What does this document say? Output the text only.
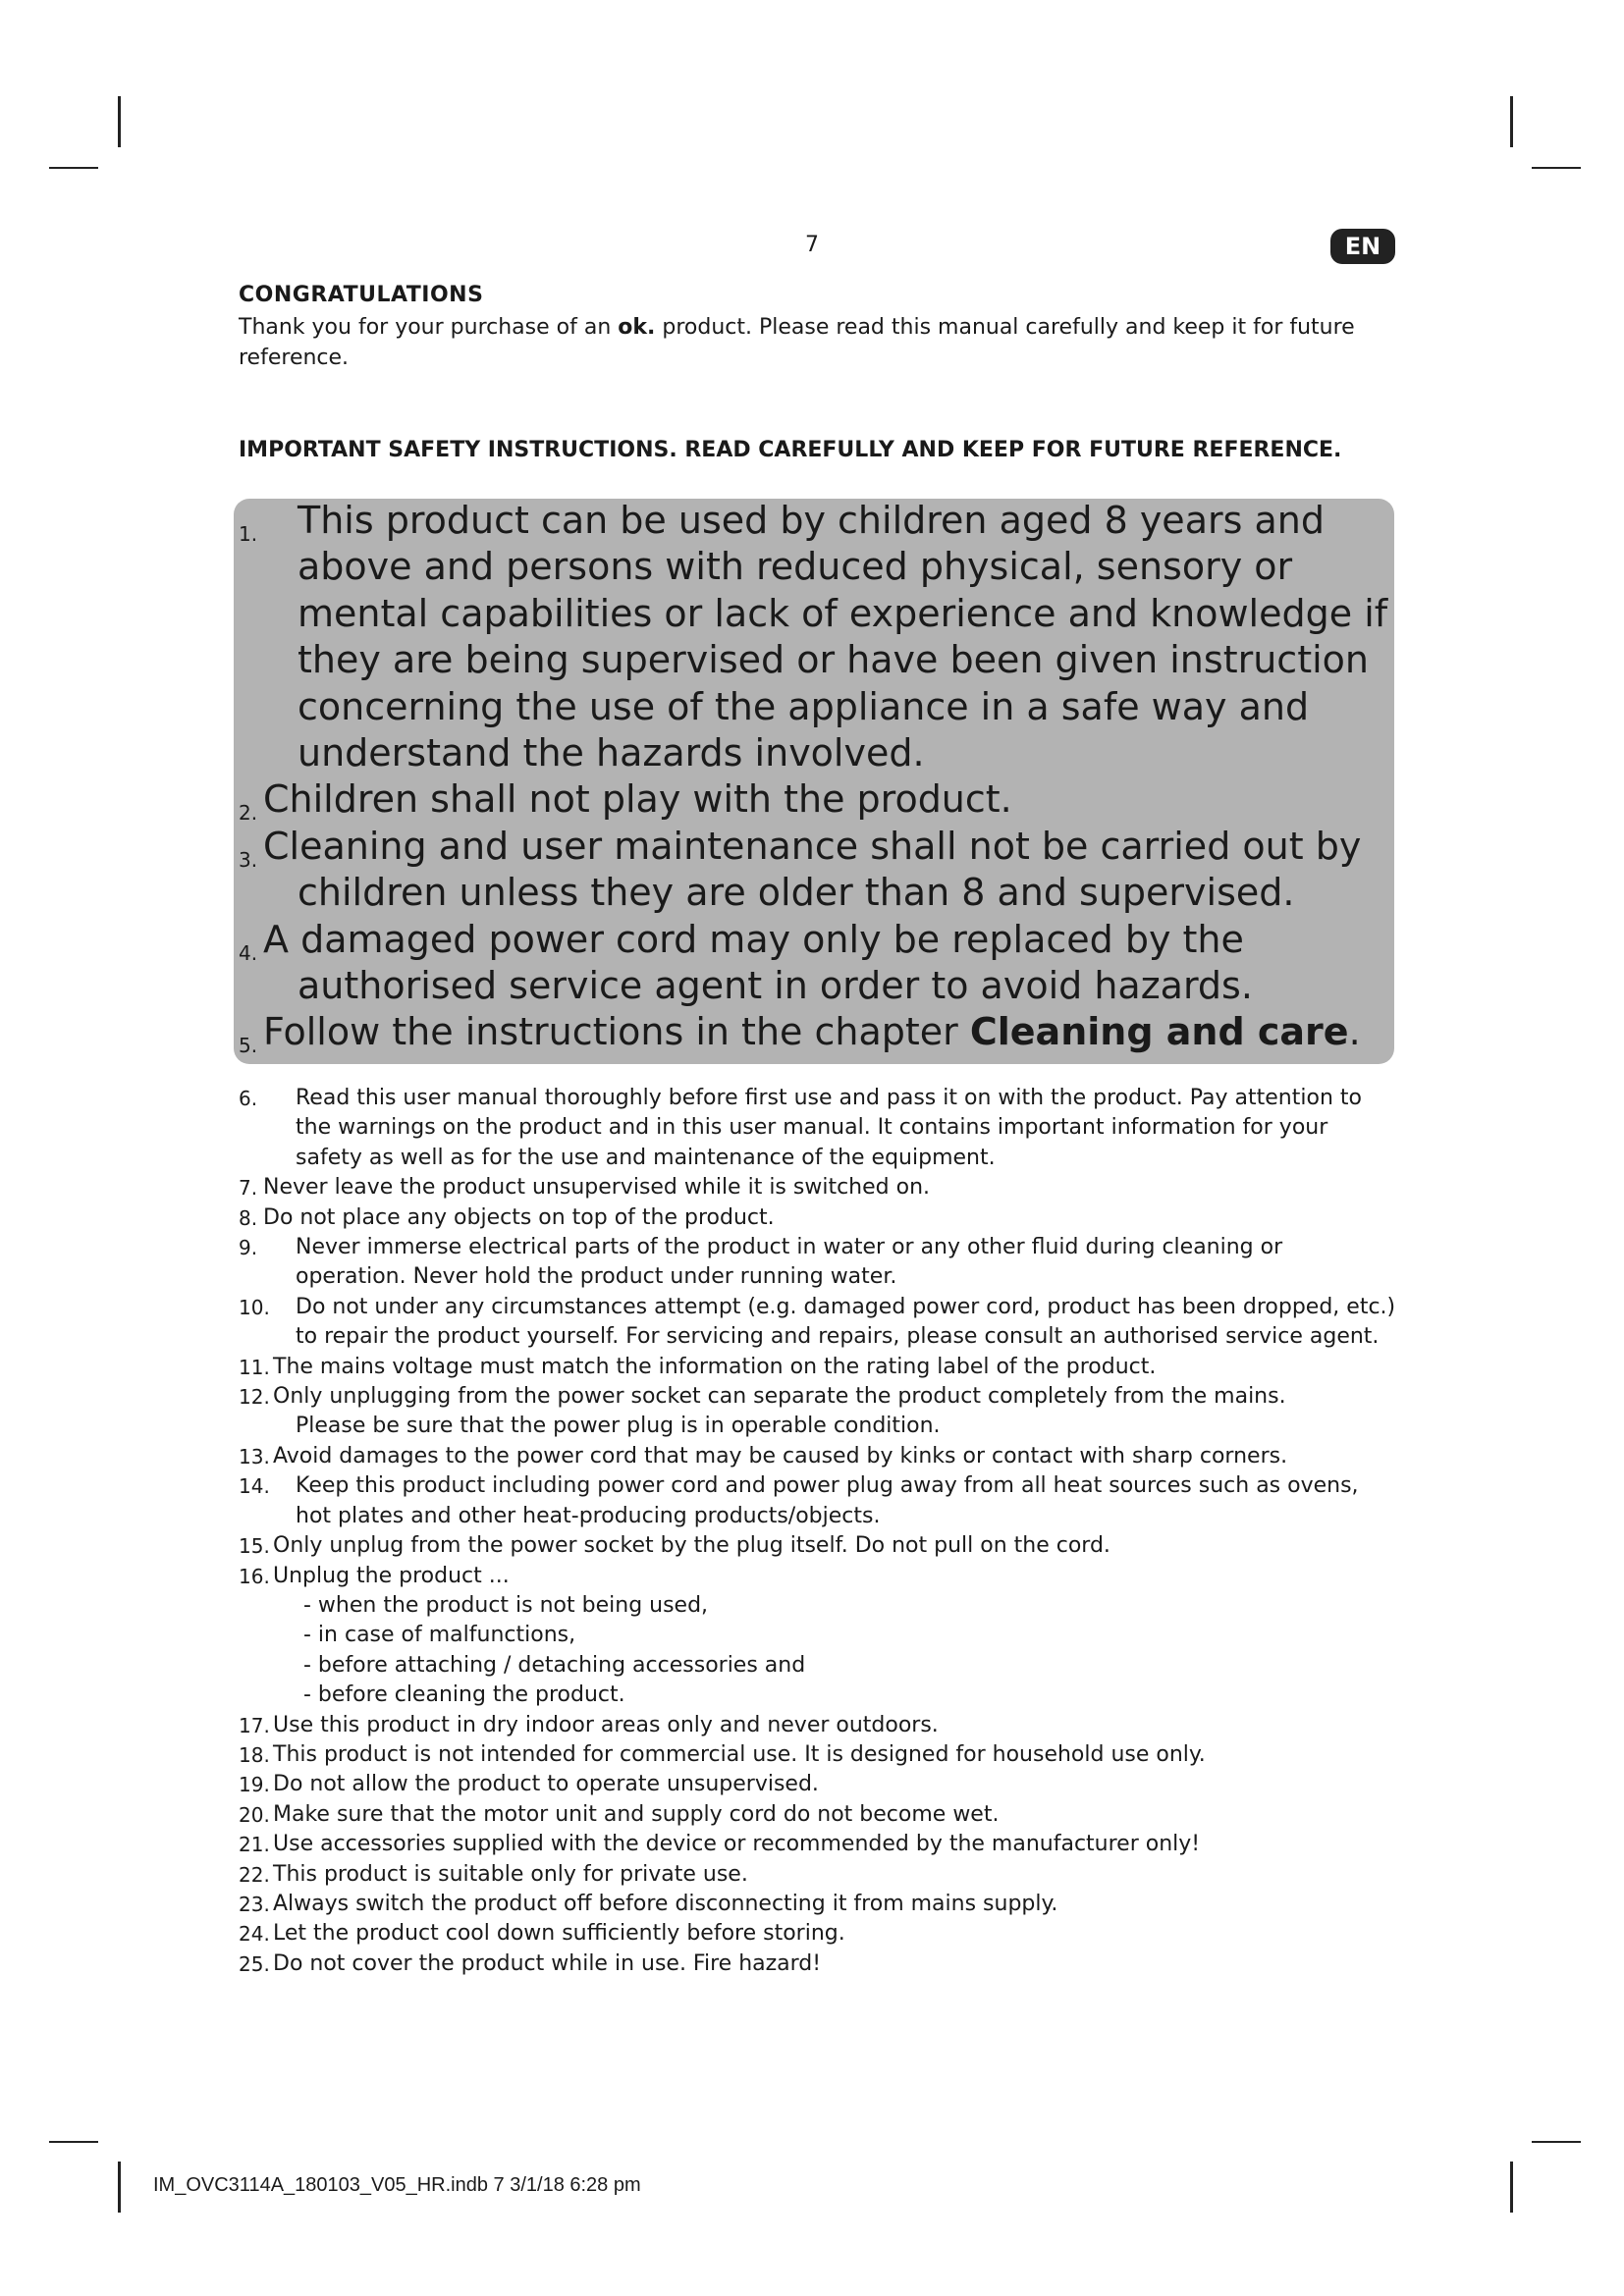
7	EN
CONGRATULATIONS
Thank you for your purchase of an ok. product. Please read this manual carefully and keep it for future reference.
IMPORTANT SAFETY INSTRUCTIONS. READ CAREFULLY AND KEEP FOR FUTURE REFERENCE.
1.	This product can be used by children aged 8 years and above and persons with reduced physical, sensory or mental capabilities or lack of experience and knowledge if they are being supervised or have been given instruction concerning the use of the appliance in a safe way and understand the hazards involved.
2. Children shall not play with the product.
3. Cleaning and user maintenance shall not be carried out by
children unless they are older than 8 and supervised.
4. A damaged power cord may only be replaced by the
authorised service agent in order to avoid hazards.
5. Follow the instructions in the chapter Cleaning and care.
6.	Read this user manual thoroughly before first use and pass it on with the product. Pay attention to the warnings on the product and in this user manual. It contains important information for your safety as well as for the use and maintenance of the equipment.
7. Never leave the product unsupervised while it is switched on.
8. Do not place any objects on top of the product.
9.	Never immerse electrical parts of the product in water or any other fluid during cleaning or operation. Never hold the product under running water.
10.	Do not under any circumstances attempt (e.g. damaged power cord, product has been dropped, etc.) to repair the product yourself. For servicing and repairs, please consult an authorised service agent.
11. The mains voltage must match the information on the rating label of the product.
12. Only unplugging from the power socket can separate the product completely from the mains.
Please be sure that the power plug is in operable condition.
13. Avoid damages to the power cord that may be caused by kinks or contact with sharp corners.
14.	Keep this product including power cord and power plug away from all heat sources such as ovens, hot plates and other heat-producing products/objects.
15. Only unplug from the power socket by the plug itself. Do not pull on the cord.
16. Unplug the product ...
- when the product is not being used,
- in case of malfunctions,
- before attaching / detaching accessories and
- before cleaning the product.
17. Use this product in dry indoor areas only and never outdoors.
18. This product is not intended for commercial use. It is designed for household use only.
19. Do not allow the product to operate unsupervised.
20. Make sure that the motor unit and supply cord do not become wet.
21. Use accessories supplied with the device or recommended by the manufacturer only!
22. This product is suitable only for private use.
23. Always switch the product off before disconnecting it from mains supply.
24. Let the product cool down sufficiently before storing.
25. Do not cover the product while in use. Fire hazard!
IM_OVC3114A_180103_V05_HR.indb 7 3/1/18 6:28 pm
